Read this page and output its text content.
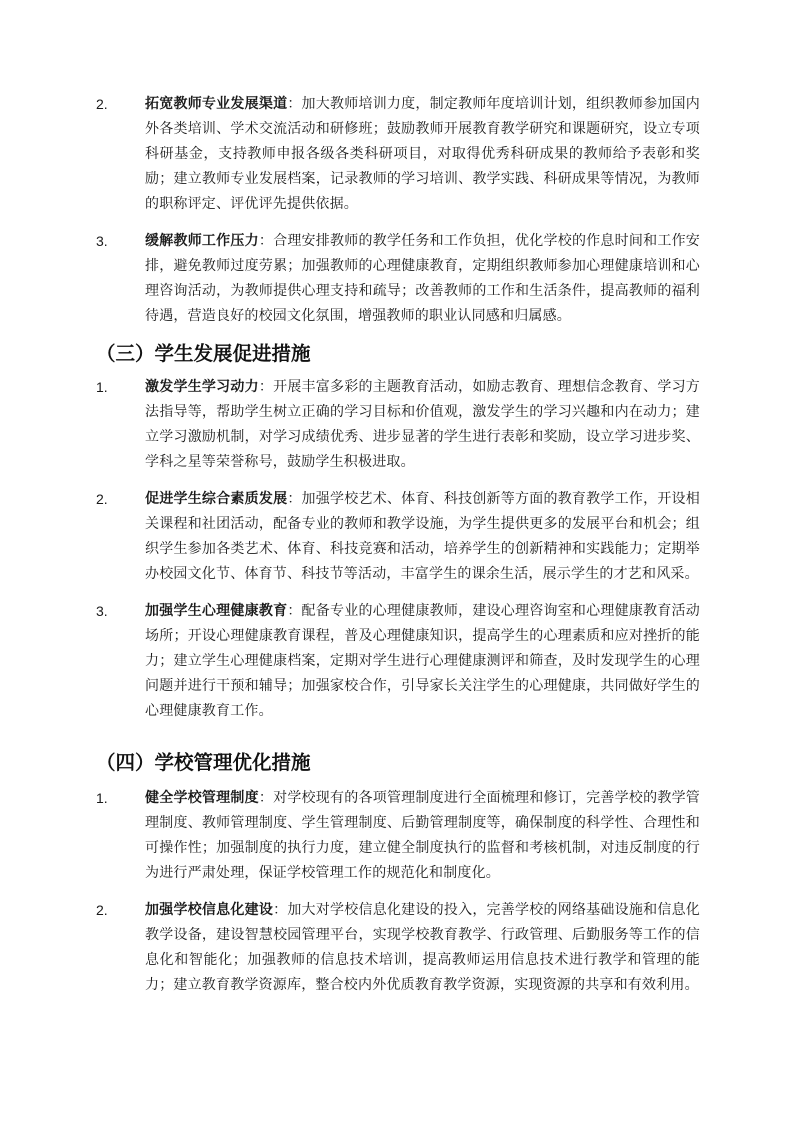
2.	拓宽教师专业发展渠道：加大教师培训力度，制定教师年度培训计划，组织教师参加国内外各类培训、学术交流活动和研修班；鼓励教师开展教育教学研究和课题研究，设立专项科研基金，支持教师申报各级各类科研项目，对取得优秀科研成果的教师给予表彰和奖励；建立教师专业发展档案，记录教师的学习培训、教学实践、科研成果等情况，为教师的职称评定、评优评先提供依据。
3.	缓解教师工作压力：合理安排教师的教学任务和工作负担，优化学校的作息时间和工作安排，避免教师过度劳累；加强教师的心理健康教育，定期组织教师参加心理健康培训和心理咨询活动，为教师提供心理支持和疏导；改善教师的工作和生活条件，提高教师的福利待遇，营造良好的校园文化氛围，增强教师的职业认同感和归属感。
（三）学生发展促进措施
1.	激发学生学习动力：开展丰富多彩的主题教育活动，如励志教育、理想信念教育、学习方法指导等，帮助学生树立正确的学习目标和价值观，激发学生的学习兴趣和内在动力；建立学习激励机制，对学习成绩优秀、进步显著的学生进行表彰和奖励，设立学习进步奖、学科之星等荣誉称号，鼓励学生积极进取。
2.	促进学生综合素质发展：加强学校艺术、体育、科技创新等方面的教育教学工作，开设相关课程和社团活动，配备专业的教师和教学设施，为学生提供更多的发展平台和机会；组织学生参加各类艺术、体育、科技竞赛和活动，培养学生的创新精神和实践能力；定期举办校园文化节、体育节、科技节等活动，丰富学生的课余生活，展示学生的才艺和风采。
3.	加强学生心理健康教育：配备专业的心理健康教师，建设心理咨询室和心理健康教育活动场所；开设心理健康教育课程，普及心理健康知识，提高学生的心理素质和应对挫折的能力；建立学生心理健康档案，定期对学生进行心理健康测评和筛查，及时发现学生的心理问题并进行干预和辅导；加强家校合作，引导家长关注学生的心理健康，共同做好学生的心理健康教育工作。
（四）学校管理优化措施
1.	健全学校管理制度：对学校现有的各项管理制度进行全面梳理和修订，完善学校的教学管理制度、教师管理制度、学生管理制度、后勤管理制度等，确保制度的科学性、合理性和可操作性；加强制度的执行力度，建立健全制度执行的监督和考核机制，对违反制度的行为进行严肃处理，保证学校管理工作的规范化和制度化。
2.	加强学校信息化建设：加大对学校信息化建设的投入，完善学校的网络基础设施和信息化教学设备，建设智慧校园管理平台，实现学校教育教学、行政管理、后勤服务等工作的信息化和智能化；加强教师的信息技术培训，提高教师运用信息技术进行教学和管理的能力；建立教育教学资源库，整合校内外优质教育教学资源，实现资源的共享和有效利用。
